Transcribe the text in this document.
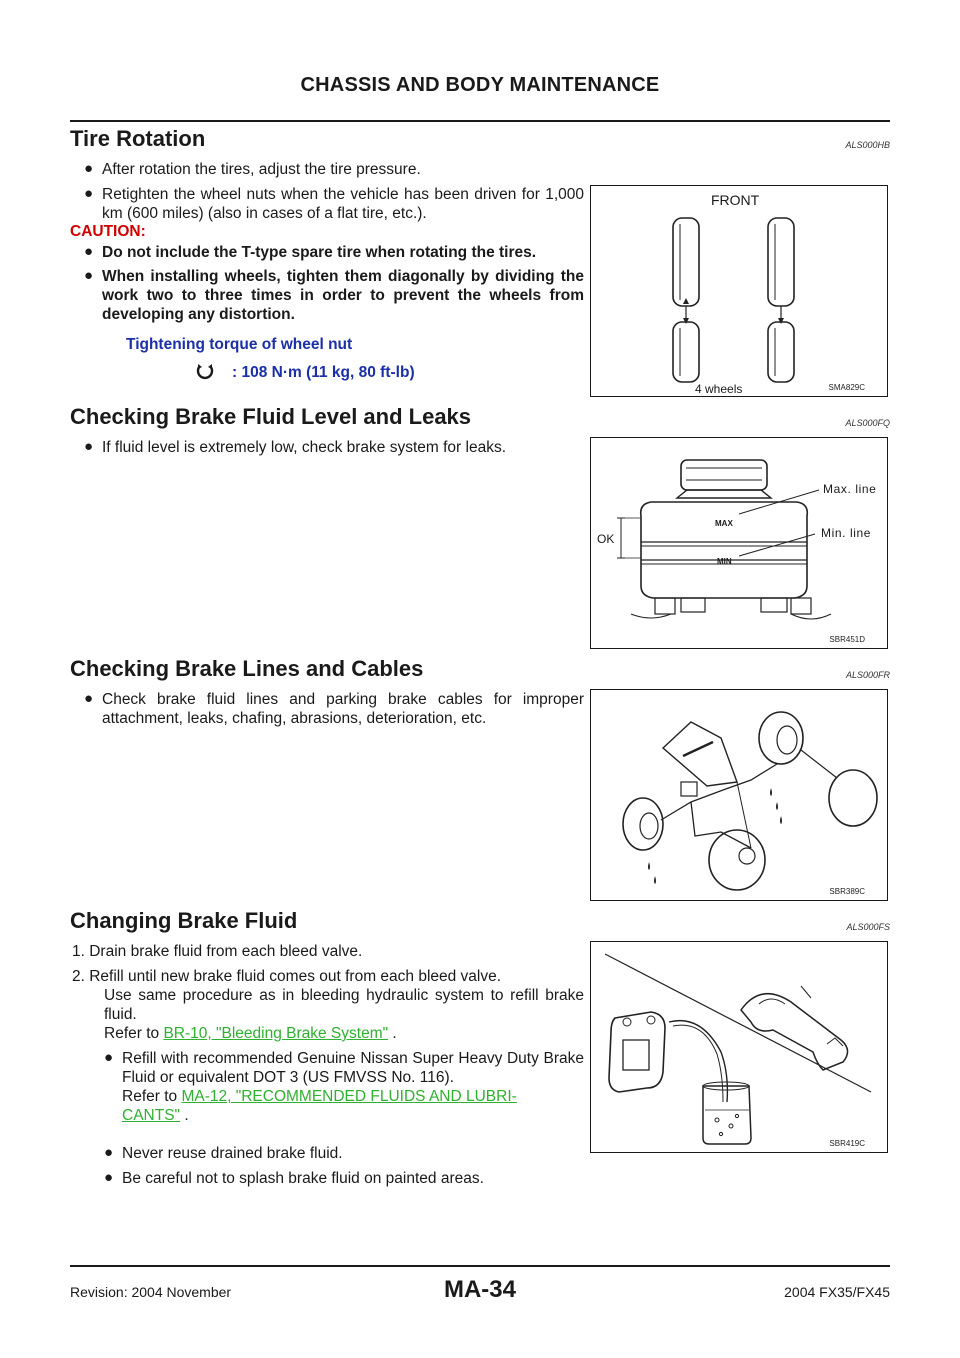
CHASSIS AND BODY MAINTENANCE
Tire Rotation	ALS000HB
● After rotation the tires, adjust the tire pressure.
● Retighten the wheel nuts when the vehicle has been driven for 1,000 km (600 miles) (also in cases of a flat tire, etc.).
CAUTION:
● Do not include the T-type spare tire when rotating the tires.
● When installing wheels, tighten them diagonally by dividing the work two to three times in order to prevent the wheels from developing any distortion.
Tightening torque of wheel nut
: 108 N·m (11 kg, 80 ft-lb)
FRONT
4 wheels	SMA829C
Checking Brake Fluid Level and Leaks	ALS000FQ
● If fluid level is extremely low, check brake system for leaks.
Max. line
Min. line
OK
MAX
MIN
SBR451D
Checking Brake Lines and Cables	ALS000FR
● Check brake fluid lines and parking brake cables for improper attachment, leaks, chafing, abrasions, deterioration, etc.
SBR389C
Changing Brake Fluid	ALS000FS
1. Drain brake fluid from each bleed valve.
2. Refill until new brake fluid comes out from each bleed valve.
Use same procedure as in bleeding hydraulic system to refill brake fluid.
Refer to BR-10, "Bleeding Brake System" .
● Refill with recommended Genuine Nissan Super Heavy Duty Brake Fluid or equivalent DOT 3 (US FMVSS No. 116).
Refer to MA-12, "RECOMMENDED FLUIDS AND LUBRI-
CANTS" .
● Never reuse drained brake fluid.
● Be careful not to splash brake fluid on painted areas.
SBR419C
Revision: 2004 November	MA-34	2004 FX35/FX45
